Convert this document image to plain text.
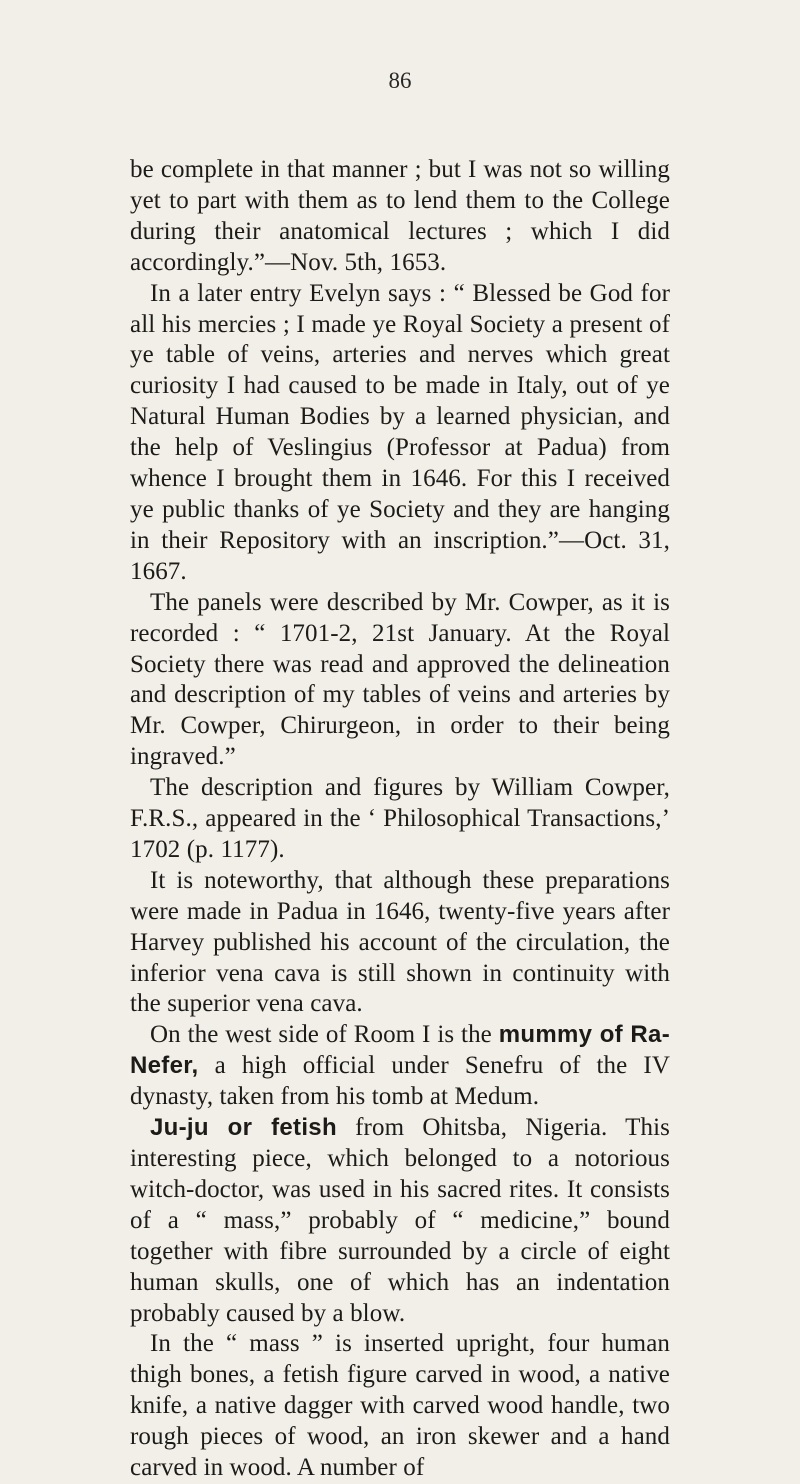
86

be complete in that manner ; but I was not so willing yet to part with them as to lend them to the College during their anatomical lectures ; which I did accordingly.”—Nov. 5th, 1653.

In a later entry Evelyn says : “ Blessed be God for all his mercies ; I made ye Royal Society a present of ye table of veins, arteries and nerves which great curiosity I had caused to be made in Italy, out of ye Natural Human Bodies by a learned physician, and the help of Veslingius (Professor at Padua) from whence I brought them in 1646. For this I received ye public thanks of ye Society and they are hanging in their Repository with an inscription.”—Oct. 31, 1667.

The panels were described by Mr. Cowper, as it is recorded : “ 1701-2, 21st January. At the Royal Society there was read and approved the delineation and description of my tables of veins and arteries by Mr. Cowper, Chirurgeon, in order to their being ingraved.”

The description and figures by William Cowper, F.R.S., appeared in the ‘ Philosophical Transactions,’ 1702 (p. 1177).

It is noteworthy, that although these preparations were made in Padua in 1646, twenty-five years after Harvey published his account of the circulation, the inferior vena cava is still shown in continuity with the superior vena cava.

On the west side of Room I is the mummy of Ra-Nefer, a high official under Senefru of the IV dynasty, taken from his tomb at Medum.

Ju-ju or fetish from Ohitsba, Nigeria. This interesting piece, which belonged to a notorious witch-doctor, was used in his sacred rites. It consists of a “ mass,” probably of “ medicine,” bound together with fibre surrounded by a circle of eight human skulls, one of which has an indentation probably caused by a blow.

In the “ mass ” is inserted upright, four human thigh bones, a fetish figure carved in wood, a native knife, a native dagger with carved wood handle, two rough pieces of wood, an iron skewer and a hand carved in wood. A number of
